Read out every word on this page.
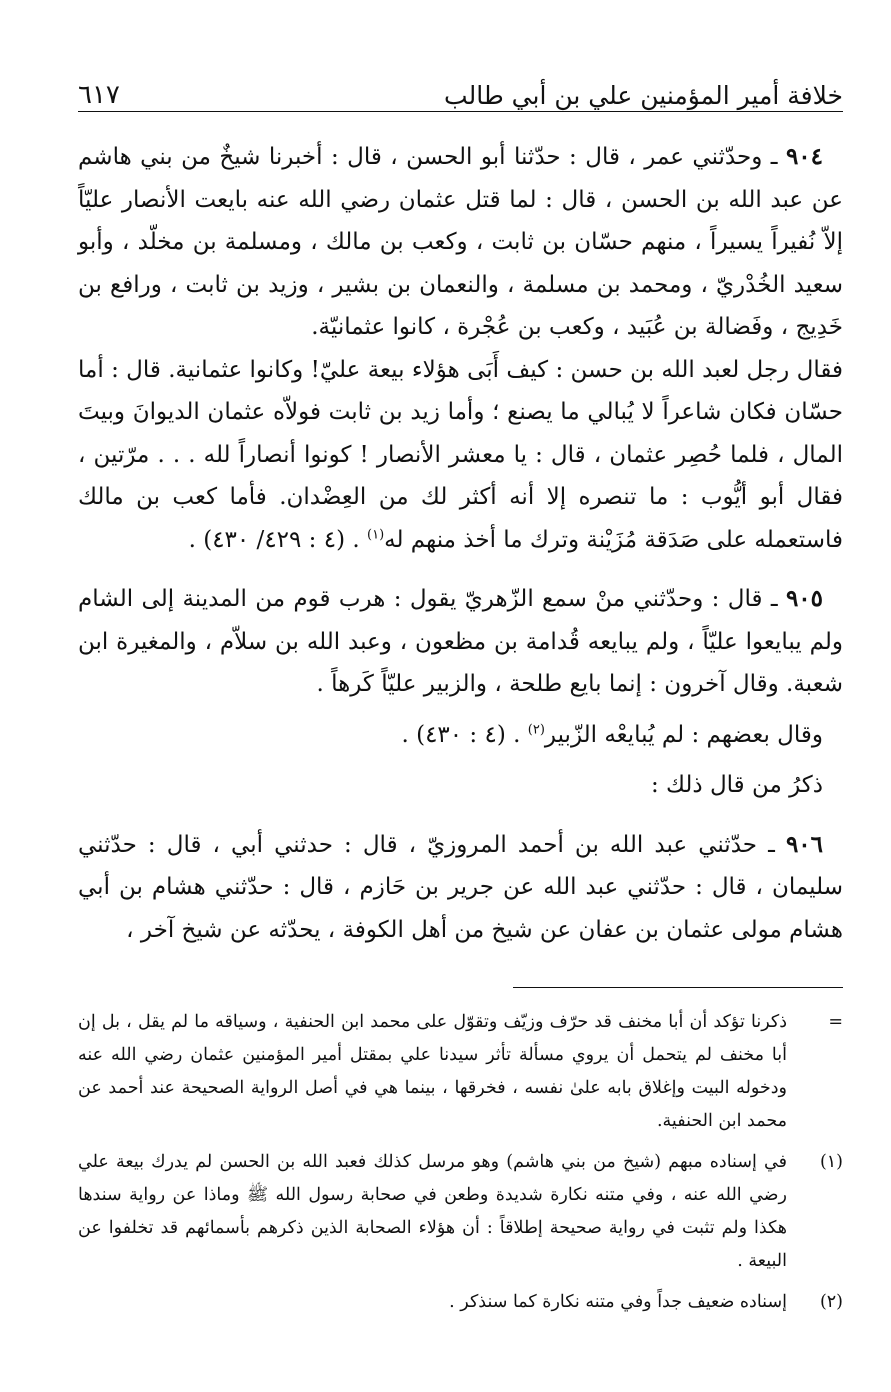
خلافة أمير المؤمنين علي بن أبي طالب
٦١٧

٩٠٤ ـ وحدّثني عمر ، قال : حدّثنا أبو الحسن ، قال : أخبرنا شيخٌ من بني هاشم عن عبد الله بن الحسن ، قال : لما قتل عثمان رضي الله عنه بايعت الأنصار عليّاً إلاّ نُفيراً يسيراً ، منهم حسّان بن ثابت ، وكعب بن مالك ، ومسلمة بن مخلّد ، وأبو سعيد الخُدْريّ ، ومحمد بن مسلمة ، والنعمان بن بشير ، وزيد بن ثابت ، ورافع بن خَدِيج ، وفَضالة بن عُبَيد ، وكعب بن عُجْرة ، كانوا عثمانيّة.

فقال رجل لعبد الله بن حسن : كيف أَبَى هؤلاء بيعة عليّ! وكانوا عثمانية. قال : أما حسّان فكان شاعراً لا يُبالي ما يصنع ؛ وأما زيد بن ثابت فولاّه عثمان الديوانَ وبيتَ المال ، فلما حُصِر عثمان ، قال : يا معشر الأنصار ! كونوا أنصاراً لله . . . مرّتين ، فقال أبو أيُّوب : ما تنصره إلا أنه أكثر لك من العِضْدان. فأما كعب بن مالك فاستعمله على صَدَقة مُزَيْنة وترك ما أخذ منهم له$^{(١)}$ . (٤ : ٤٢٩/ ٤٣٠) .

٩٠٥ ـ قال : وحدّثني منْ سمع الزّهريّ يقول : هرب قوم من المدينة إلى الشام ولم يبايعوا عليّاً ، ولم يبايعه قُدامة بن مظعون ، وعبد الله بن سلاّم ، والمغيرة ابن شعبة. وقال آخرون : إنما بايع طلحة ، والزبير عليّاً كَرهاً .

وقال بعضهم : لم يُبايعْه الزّبير$^{(٢)}$ . (٤ : ٤٣٠) .

ذكرُ من قال ذلك :

٩٠٦ ـ حدّثني عبد الله بن أحمد المروزيّ ، قال : حدثني أبي ، قال : حدّثني سليمان ، قال : حدّثني عبد الله عن جرير بن حَازم ، قال : حدّثني هشام بن أبي هشام مولى عثمان بن عفان عن شيخ من أهل الكوفة ، يحدّثه عن شيخ آخر ،

=
ذكرنا تؤكد أن أبا مخنف قد حرّف وزيّف وتقوّل على محمد ابن الحنفية ، وسياقه ما لم يقل ، بل إن أبا مخنف لم يتحمل أن يروي مسألة تأثر سيدنا علي بمقتل أمير المؤمنين عثمان رضي الله عنه ودخوله البيت وإغلاق بابه علىٰ نفسه ، فخرقها ، بينما هي في أصل الرواية الصحيحة عند أحمد عن محمد ابن الحنفية.
(١)
في إسناده مبهم (شيخ من بني هاشم) وهو مرسل كذلك فعبد الله بن الحسن لم يدرك بيعة علي رضي الله عنه ، وفي متنه نكارة شديدة وطعن في صحابة رسول الله ﷺ وماذا عن رواية سندها هكذا ولم تثبت في رواية صحيحة إطلاقاً : أن هؤلاء الصحابة الذين ذكرهم بأسمائهم قد تخلفوا عن البيعة .
(٢)
إسناده ضعيف جداً وفي متنه نكارة كما سنذكر .
